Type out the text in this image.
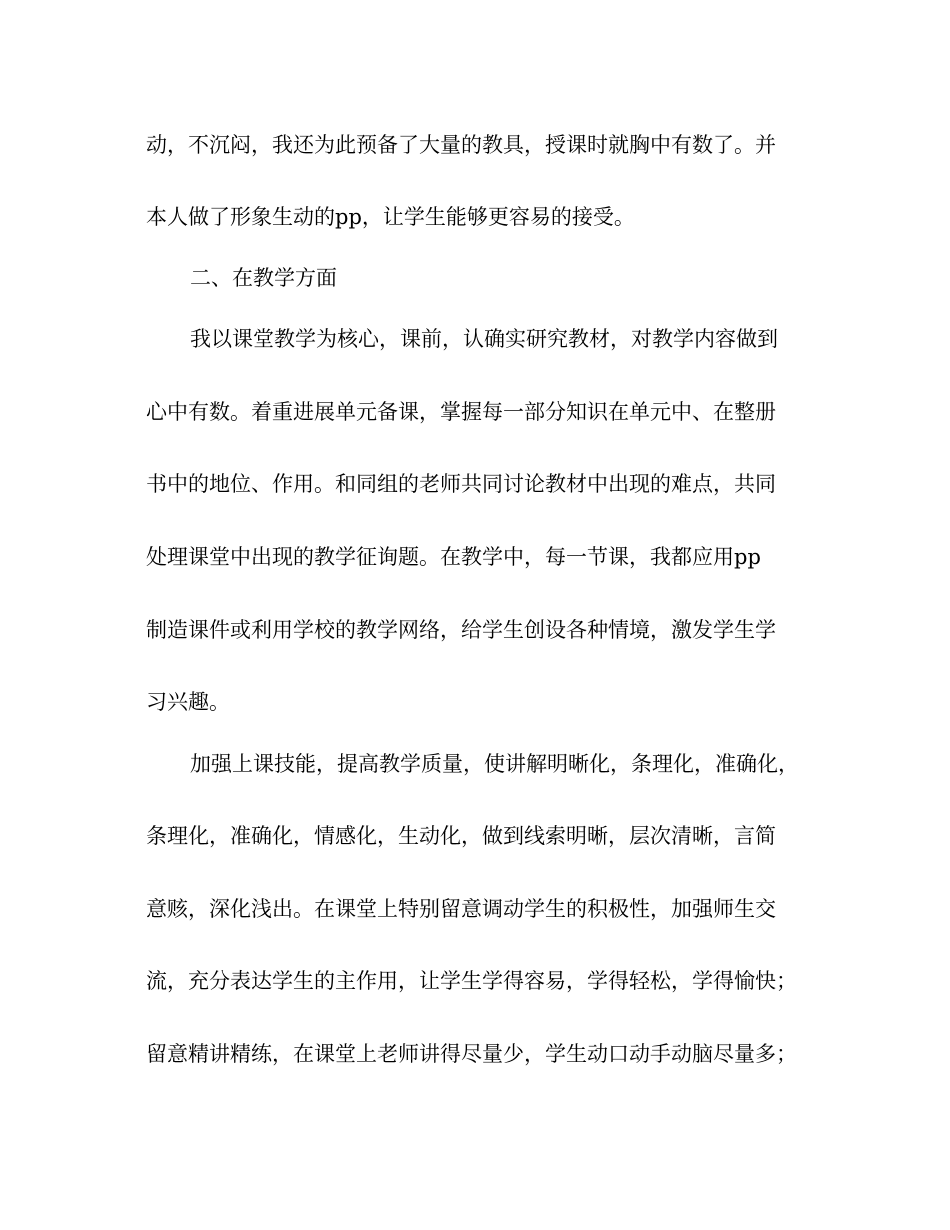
动，不沉闷，我还为此预备了大量的教具，授课时就胸中有数了。并
本人做了形象生动的pp，让学生能够更容易的接受。
二、在教学方面
我以课堂教学为核心，课前，认确实研究教材，对教学内容做到
心中有数。着重进展单元备课，掌握每一部分知识在单元中、在整册
书中的地位、作用。和同组的老师共同讨论教材中出现的难点，共同
处理课堂中出现的教学征询题。在教学中，每一节课，我都应用pp
制造课件或利用学校的教学网络，给学生创设各种情境，激发学生学
习兴趣。
加强上课技能，提高教学质量，使讲解明晰化，条理化，准确化，
条理化，准确化，情感化，生动化，做到线索明晰，层次清晰，言简
意赅，深化浅出。在课堂上特别留意调动学生的积极性，加强师生交
流，充分表达学生的主作用，让学生学得容易，学得轻松，学得愉快；
留意精讲精练，在课堂上老师讲得尽量少，学生动口动手动脑尽量多；
